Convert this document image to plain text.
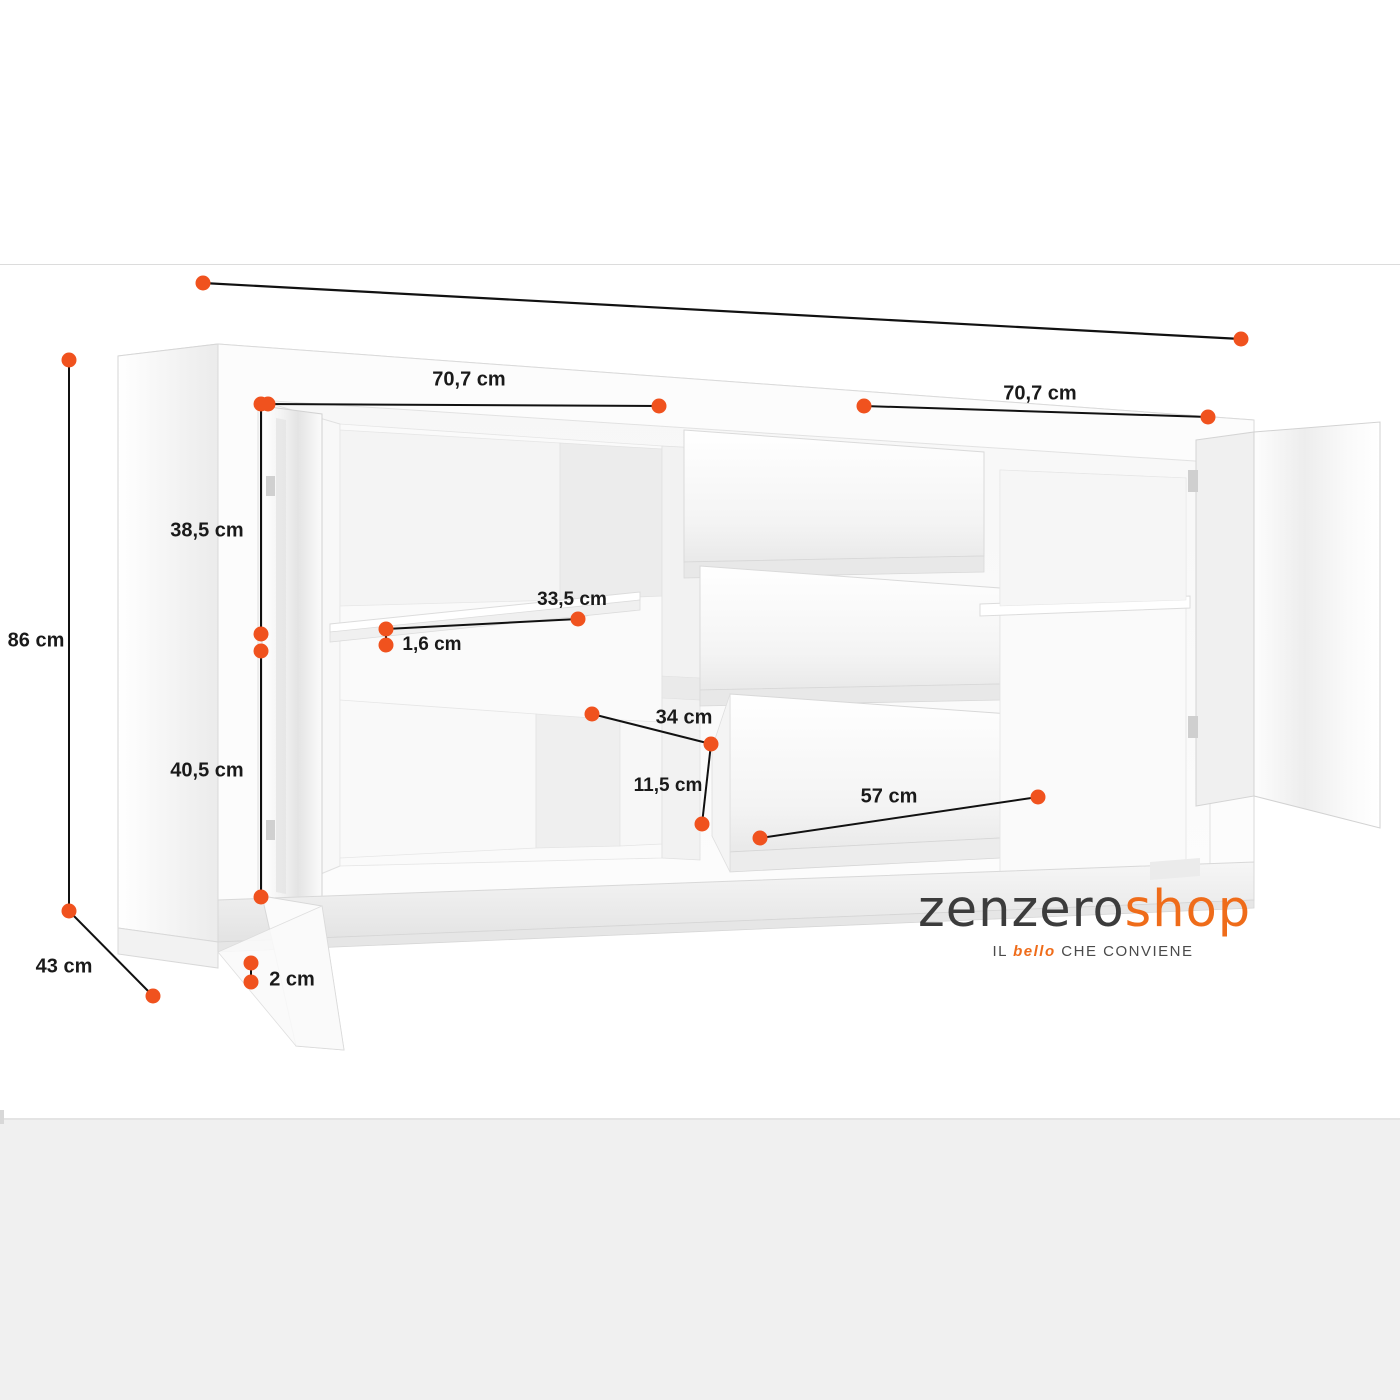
70,7 cm
70,7 cm
38,5 cm
40,5 cm
33,5 cm
1,6 cm
34 cm
11,5 cm	57 cm
86 cm
43 cm
2 cm
zenzeroshop
IL bello CHE CONVIENE
